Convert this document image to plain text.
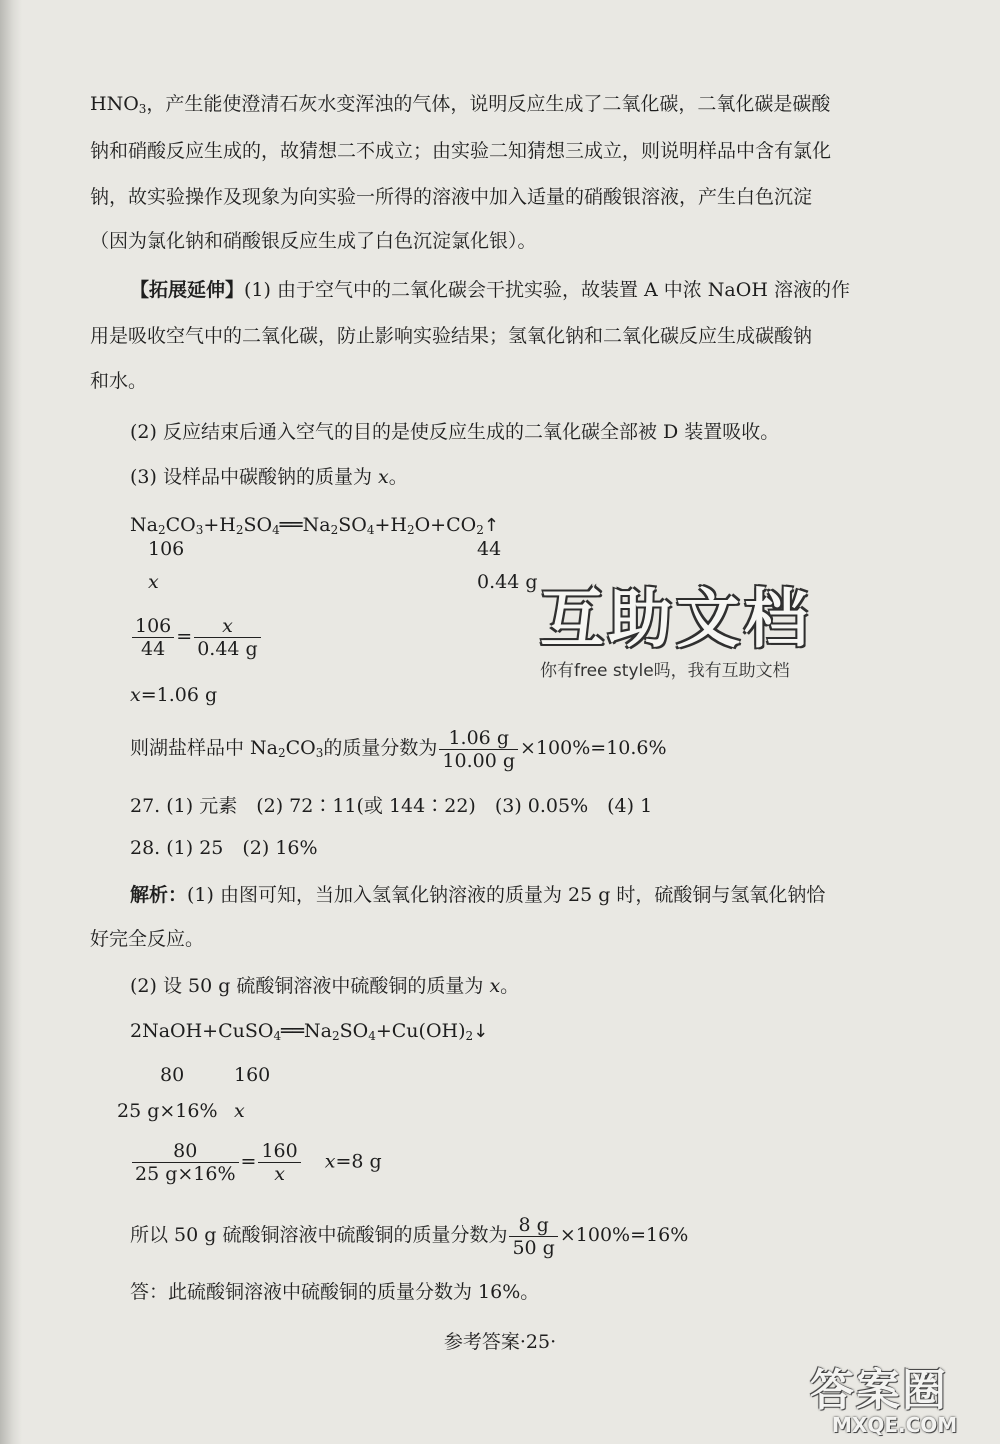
$HNO_3$，产生能使澄清石灰水变浑浊的气体，说明反应生成了二氧化碳，二氧化碳是碳酸
钠和硝酸反应生成的，故猜想二不成立；由实验二知猜想三成立，则说明样品中含有氯化
钠，故实验操作及现象为向实验一所得的溶液中加入适量的硝酸银溶液，产生白色沉淀
（因为氯化钠和硝酸银反应生成了白色沉淀氯化银）。
【拓展延伸】(1) 由于空气中的二氧化碳会干扰实验，故装置 A 中浓 NaOH 溶液的作
用是吸收空气中的二氧化碳，防止影响实验结果；氢氧化钠和二氧化碳反应生成碳酸钠
和水。
(2) 反应结束后通入空气的目的是使反应生成的二氧化碳全部被 D 装置吸收。
(3) 设样品中碳酸钠的质量为 x。
$Na_2CO_3+H_2SO_4══Na_2SO_4+H_2O+CO_2↑$
106	44
x	0.44 g
$\frac{106}{44} = \frac{x}{0.44 g}$
x=1.06 g
则湖盐样品中 $Na_2CO_3$的质量分数为 $\frac{1.06 g}{10.00 g} \times 100\%=10.6\%$
27. (1) 元素　(2) 72∶11(或 144∶22)　(3) 0.05%　(4) 1
28. (1) 25　(2) 16%
解析：(1) 由图可知，当加入氢氧化钠溶液的质量为 25 g 时，硫酸铜与氢氧化钠恰
好完全反应。
(2) 设 50 g 硫酸铜溶液中硫酸铜的质量为 x。
$2NaOH+CuSO_4══Na_2SO_4+Cu(OH)_2↓$
80	160
25 g×16% x
$\frac{80}{25 g\times 16\%} = \frac{160}{x} x=8$ g
所以 50 g 硫酸铜溶液中硫酸铜的质量分数为 $\frac{8 g}{50 g} \times 100\%=16\%$
答：此硫酸铜溶液中硫酸铜的质量分数为 16%。
参考答案·25·
互助文档
你有free style吗，我有互助文档
答案圈
MXQE.COM
